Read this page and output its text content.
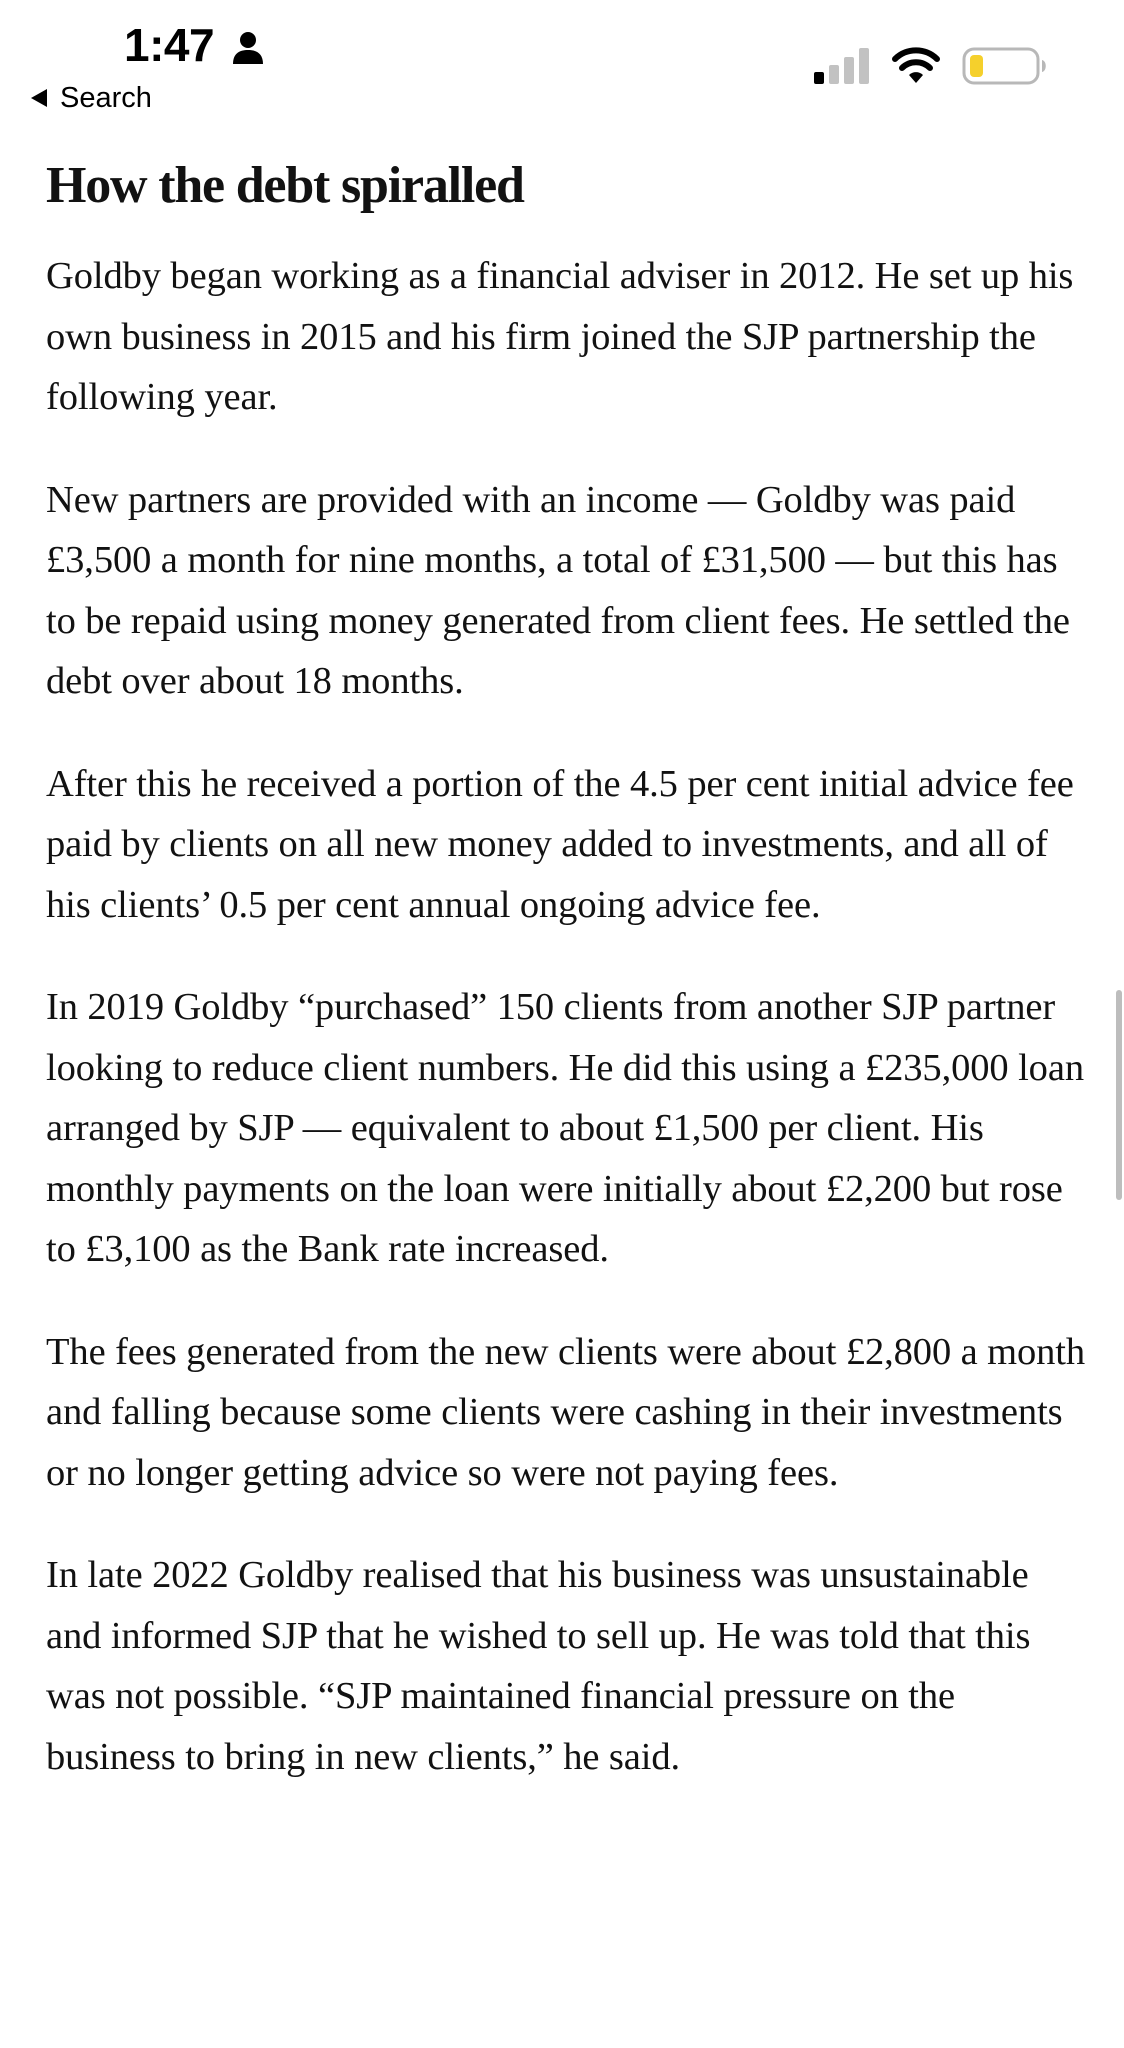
1:47
Search
How the debt spiralled

Goldby began working as a financial adviser in 2012. He set up his own business in 2015 and his firm joined the SJP partnership the following year.

New partners are provided with an income — Goldby was paid £3,500 a month for nine months, a total of £31,500 — but this has to be repaid using money generated from client fees. He settled the debt over about 18 months.

After this he received a portion of the 4.5 per cent initial advice fee paid by clients on all new money added to investments, and all of his clients’ 0.5 per cent annual ongoing advice fee.

In 2019 Goldby “purchased” 150 clients from another SJP partner looking to reduce client numbers. He did this using a £235,000 loan arranged by SJP — equivalent to about £1,500 per client. His monthly payments on the loan were initially about £2,200 but rose to £3,100 as the Bank rate increased.

The fees generated from the new clients were about £2,800 a month and falling because some clients were cashing in their investments or no longer getting advice so were not paying fees.

In late 2022 Goldby realised that his business was unsustainable and informed SJP that he wished to sell up. He was told that this was not possible. “SJP maintained financial pressure on the business to bring in new clients,” he said.
